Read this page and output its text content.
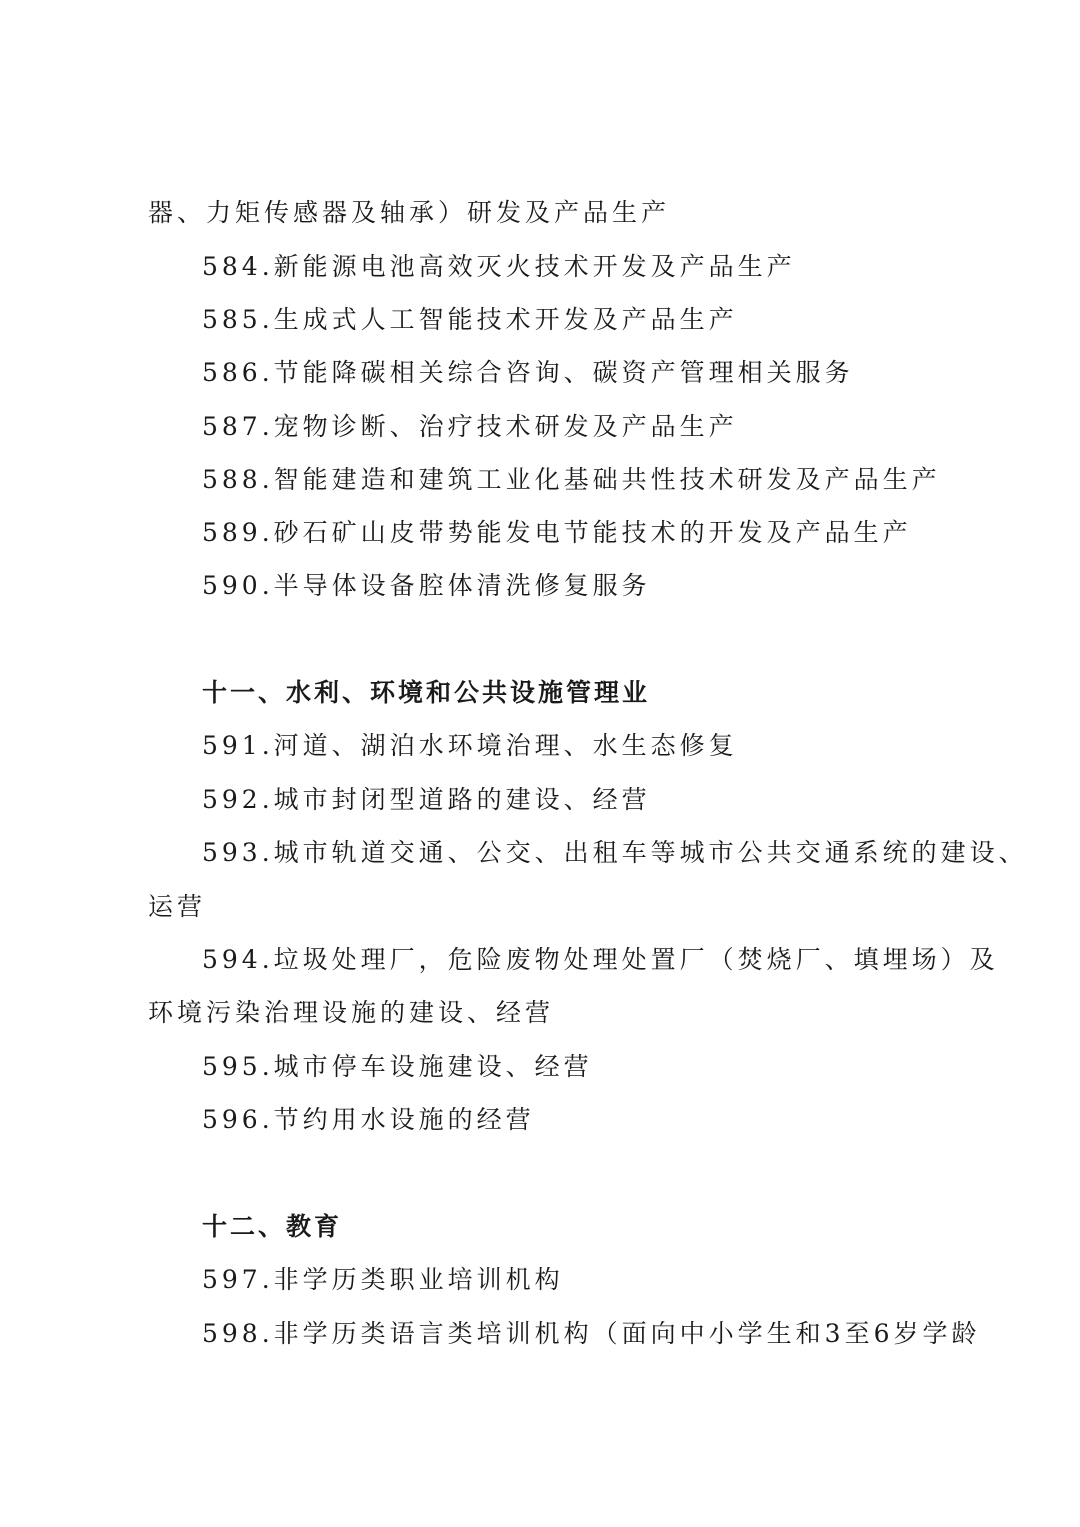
器、力矩传感器及轴承）研发及产品生产
584.新能源电池高效灭火技术开发及产品生产
585.生成式人工智能技术开发及产品生产
586.节能降碳相关综合咨询、碳资产管理相关服务
587.宠物诊断、治疗技术研发及产品生产
588.智能建造和建筑工业化基础共性技术研发及产品生产
589.砂石矿山皮带势能发电节能技术的开发及产品生产
590.半导体设备腔体清洗修复服务
十一、水利、环境和公共设施管理业
591.河道、湖泊水环境治理、水生态修复
592.城市封闭型道路的建设、经营
593.城市轨道交通、公交、出租车等城市公共交通系统的建设、
运营
594.垃圾处理厂，危险废物处理处置厂（焚烧厂、填埋场）及
环境污染治理设施的建设、经营
595.城市停车设施建设、经营
596.节约用水设施的经营
十二、教育
597.非学历类职业培训机构
598.非学历类语言类培训机构（面向中小学生和3至6岁学龄
